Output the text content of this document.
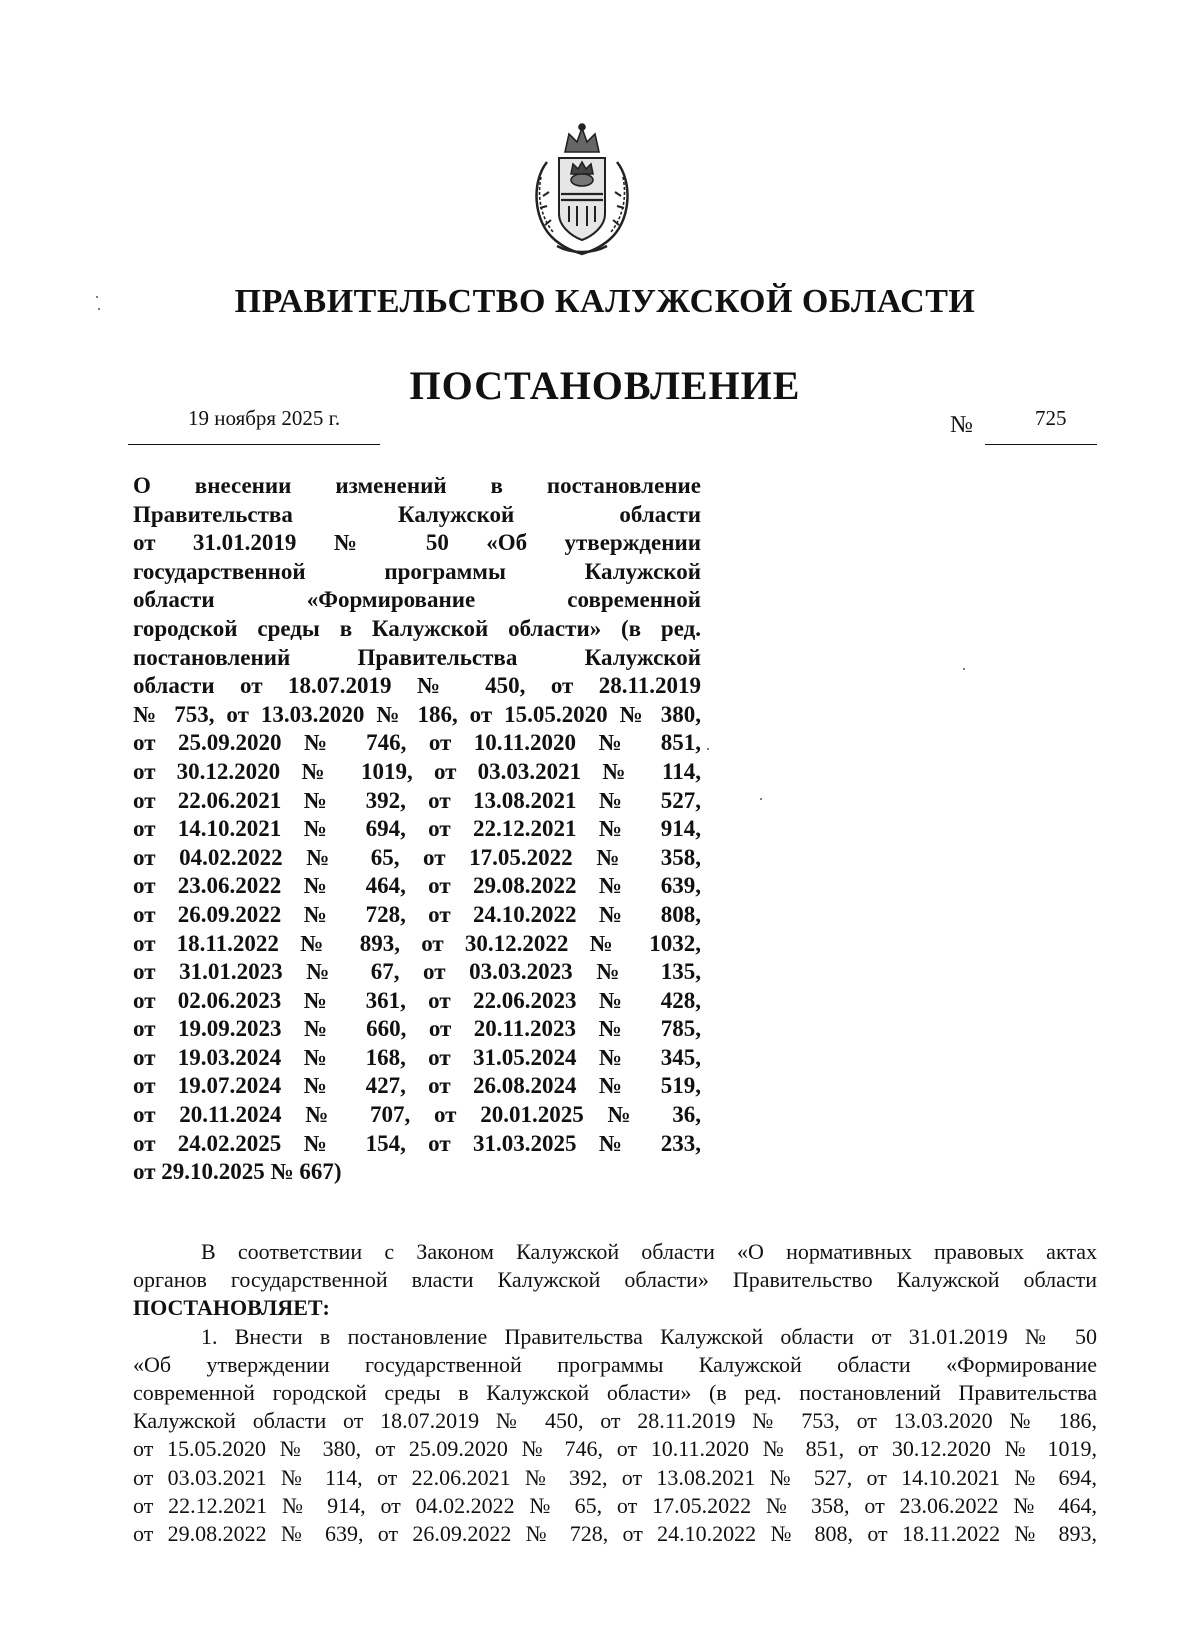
ПРАВИТЕЛЬСТВО КАЛУЖСКОЙ ОБЛАСТИ
ПОСТАНОВЛЕНИЕ
19 ноября 2025 г.	№	725
О внесении изменений в постановление
Правительства Калужской области
от 31.01.2019 № 50 «Об утверждении
государственной программы Калужской
области «Формирование современной
городской среды в Калужской области» (в ред.
постановлений Правительства Калужской
области от 18.07.2019 № 450, от 28.11.2019
№ 753, от 13.03.2020 № 186, от 15.05.2020 № 380,
от 25.09.2020 № 746, от 10.11.2020 № 851,
от 30.12.2020 № 1019, от 03.03.2021 № 114,
от 22.06.2021 № 392, от 13.08.2021 № 527,
от 14.10.2021 № 694, от 22.12.2021 № 914,
от 04.02.2022 № 65, от 17.05.2022 № 358,
от 23.06.2022 № 464, от 29.08.2022 № 639,
от 26.09.2022 № 728, от 24.10.2022 № 808,
от 18.11.2022 № 893, от 30.12.2022 № 1032,
от 31.01.2023 № 67, от 03.03.2023 № 135,
от 02.06.2023 № 361, от 22.06.2023 № 428,
от 19.09.2023 № 660, от 20.11.2023 № 785,
от 19.03.2024 № 168, от 31.05.2024 № 345,
от 19.07.2024 № 427, от 26.08.2024 № 519,
от 20.11.2024 № 707, от 20.01.2025 № 36,
от 24.02.2025 № 154, от 31.03.2025 № 233,
от 29.10.2025 № 667)
В соответствии с Законом Калужской области «О нормативных правовых актах
органов государственной власти Калужской области» Правительство Калужской области
ПОСТАНОВЛЯЕТ:
1. Внести в постановление Правительства Калужской области от 31.01.2019 № 50
«Об утверждении государственной программы Калужской области «Формирование
современной городской среды в Калужской области» (в ред. постановлений Правительства
Калужской области от 18.07.2019 № 450, от 28.11.2019 № 753, от 13.03.2020 № 186,
от 15.05.2020 № 380, от 25.09.2020 № 746, от 10.11.2020 № 851, от 30.12.2020 № 1019,
от 03.03.2021 № 114, от 22.06.2021 № 392, от 13.08.2021 № 527, от 14.10.2021 № 694,
от 22.12.2021 № 914, от 04.02.2022 № 65, от 17.05.2022 № 358, от 23.06.2022 № 464,
от 29.08.2022 № 639, от 26.09.2022 № 728, от 24.10.2022 № 808, от 18.11.2022 № 893,
